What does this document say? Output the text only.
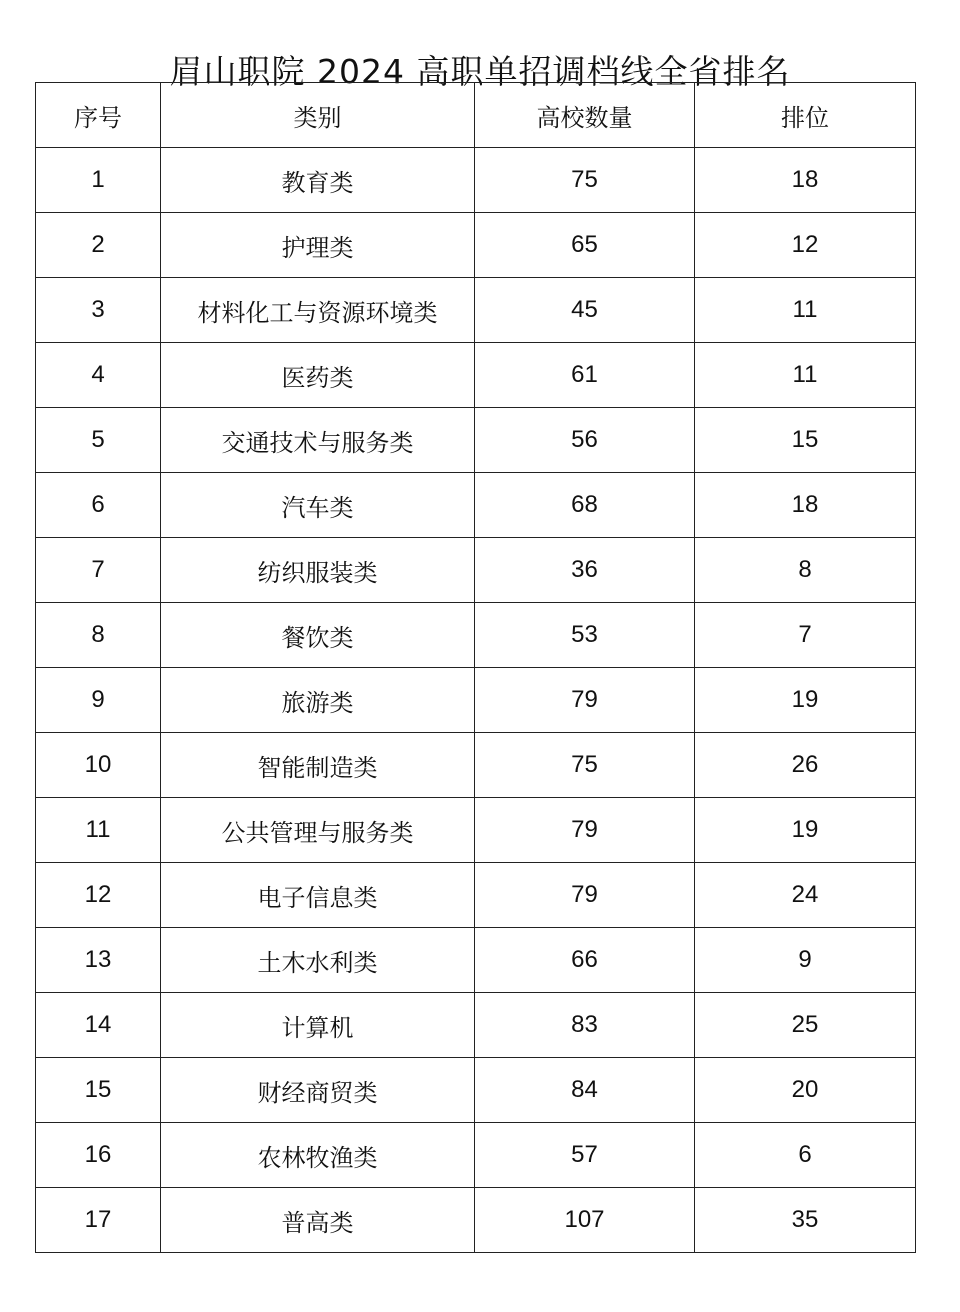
眉山职院 2024 高职单招调档线全省排名
序号	类别	高校数量	排位
1	教育类	75	18
2	护理类	65	12
3	材料化工与资源环境类	45	11
4	医药类	61	11
5	交通技术与服务类	56	15
6	汽车类	68	18
7	纺织服装类	36	8
8	餐饮类	53	7
9	旅游类	79	19
10	智能制造类	75	26
11	公共管理与服务类	79	19
12	电子信息类	79	24
13	土木水利类	66	9
14	计算机	83	25
15	财经商贸类	84	20
16	农林牧渔类	57	6
17	普高类	107	35
